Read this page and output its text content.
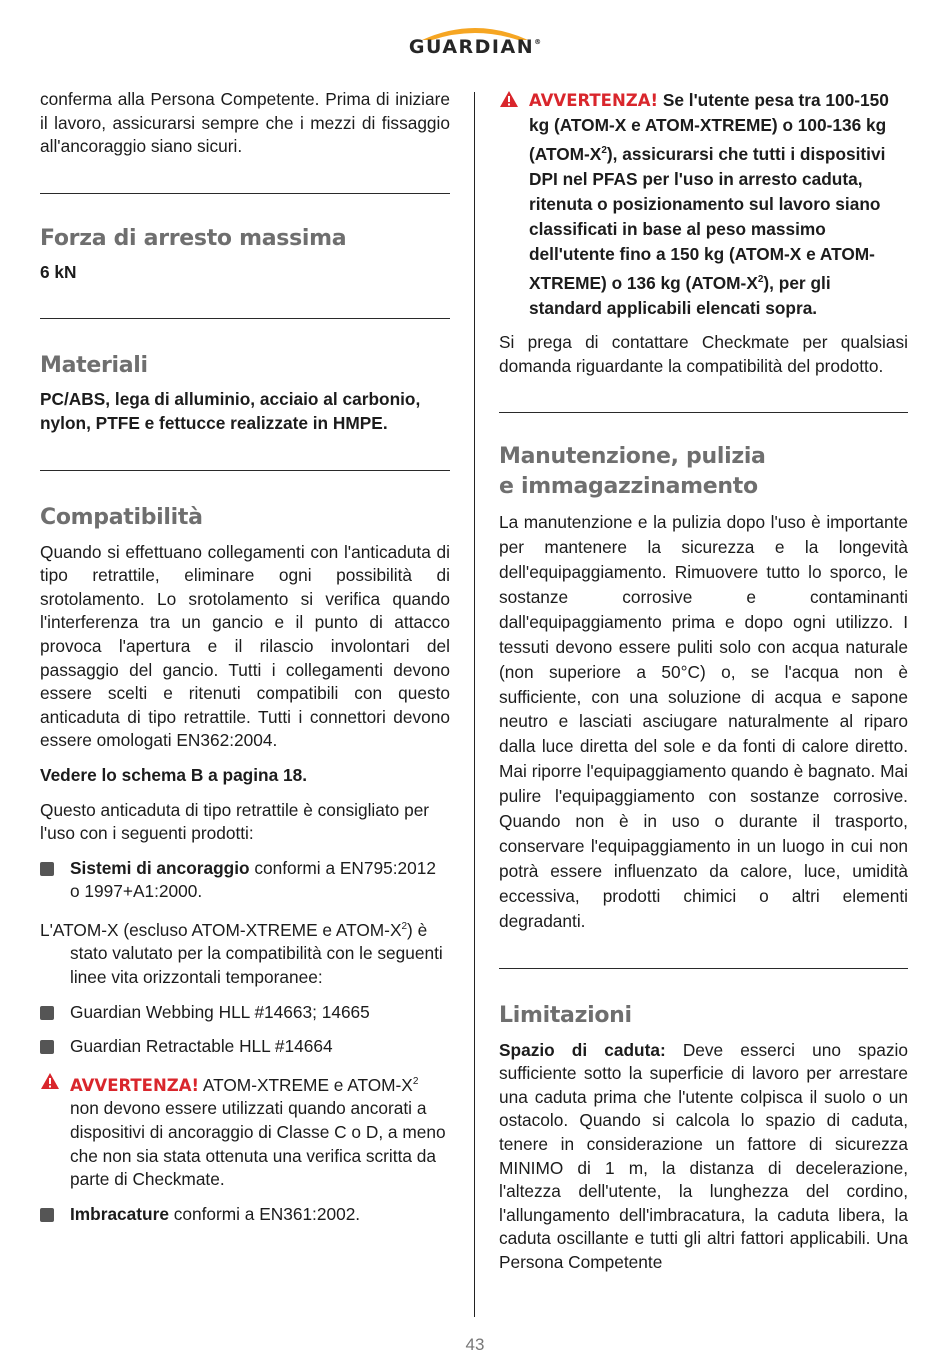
GUARDIAN®

conferma alla Persona Competente. Prima di iniziare il lavoro, assicurarsi sempre che i mezzi di fissaggio all'ancoraggio siano sicuri.

Forza di arresto massima

6 kN

Materiali

PC/ABS, lega di alluminio, acciaio al carbonio, nylon, PTFE e fettucce realizzate in HMPE.

Compatibilità

Quando si effettuano collegamenti con l'anticaduta di tipo retrattile, eliminare ogni possibilità di srotolamento. Lo srotolamento si verifica quando l'interferenza tra un gancio e il punto di attacco provoca l'apertura e il rilascio involontari del passaggio del gancio. Tutti i collegamenti devono essere scelti e ritenuti compatibili con questo anticaduta di tipo retrattile. Tutti i connettori devono essere omologati EN362:2004.

Vedere lo schema B a pagina 18.

Questo anticaduta di tipo retrattile è consigliato per l'uso con i seguenti prodotti:

Sistemi di ancoraggio conformi a EN795:2012 o 1997+A1:2000.

L'ATOM-X (escluso ATOM-XTREME e ATOM-$X^2$) è stato valutato per la compatibilità con le seguenti linee vita orizzontali temporanee:

Guardian Webbing HLL #14663; 14665
Guardian Retractable HLL #14664
AVVERTENZA! ATOM-XTREME e ATOM-$X^2$ non devono essere utilizzati quando ancorati a dispositivi di ancoraggio di Classe C o D, a meno che non sia stata ottenuta una verifica scritta da parte di Checkmate.
Imbracature conformi a EN361:2002.
AVVERTENZA! Se l'utente pesa tra 100-150 kg (ATOM-X e ATOM-XTREME) o 100-136 kg $(ATOM-X^2)$, assicurarsi che tutti i dispositivi DPI nel PFAS per l'uso in arresto caduta, ritenuta o posizionamento sul lavoro siano classificati in base al peso massimo dell'utente fino a 150 kg (ATOM-X e ATOM-XTREME) o 136 kg $(ATOM-X^2)$, per gli standard applicabili elencati sopra.

Si prega di contattare Checkmate per qualsiasi domanda riguardante la compatibilità del prodotto.

Manutenzione, pulizia
e immagazzinamento

La manutenzione e la pulizia dopo l'uso è importante per mantenere la sicurezza e la longevità dell'equipaggiamento. Rimuovere tutto lo sporco, le sostanze corrosive e contaminanti dall'equipaggiamento prima e dopo ogni utilizzo. I tessuti devono essere puliti solo con acqua naturale (non superiore a 50°C) o, se l'acqua non è sufficiente, con una soluzione di acqua e sapone neutro e lasciati asciugare naturalmente al riparo dalla luce diretta del sole e da fonti di calore diretto. Mai riporre l'equipaggiamento quando è bagnato. Mai pulire l'equipaggiamento con sostanze corrosive. Quando non è in uso o durante il trasporto, conservare l'equipaggiamento in un luogo in cui non potrà essere influenzato da calore, luce, umidità eccessiva, prodotti chimici o altri elementi degradanti.

Limitazioni

Spazio di caduta: Deve esserci uno spazio sufficiente sotto la superficie di lavoro per arrestare una caduta prima che l'utente colpisca il suolo o un ostacolo. Quando si calcola lo spazio di caduta, tenere in considerazione un fattore di sicurezza MINIMO di 1 m, la distanza di decelerazione, l'altezza dell'utente, la lunghezza del cordino, l'allungamento dell'imbracatura, la caduta libera, la caduta oscillante e tutti gli altri fattori applicabili. Una Persona Competente

43
